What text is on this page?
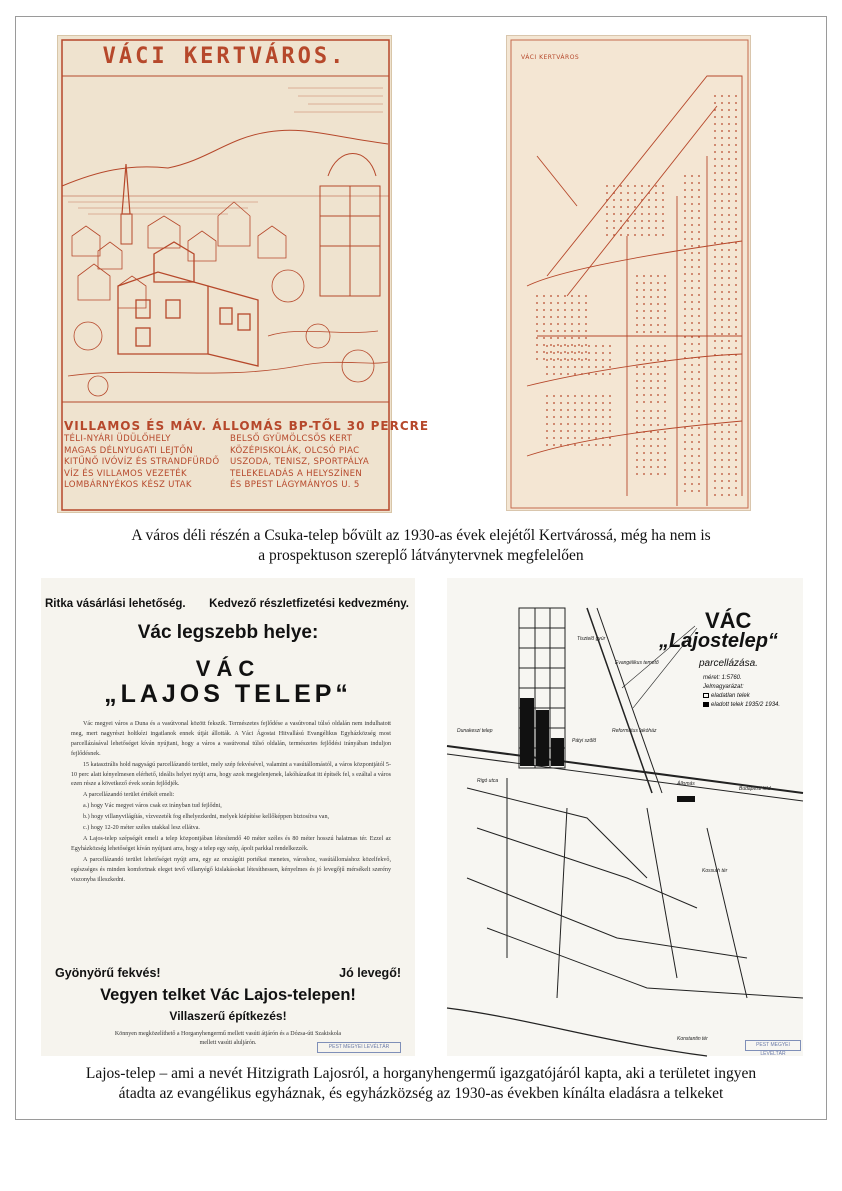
VÁCI KERTVÁROS.
VILLAMOS ÉS MÁV. ÁLLOMÁS BP-TŐL 30 PERCRE
TÉLI-NYÁRI ÜDÜLŐHELY
MAGAS DÉLNYUGATI LEJTŐN
KITŰNŐ IVÓVÍZ ÉS STRANDFÜRDŐ
VÍZ ÉS VILLAMOS VEZETÉK
LOMBÁRNYÉKOS KÉSZ UTAK
BELSŐ GYÜMÖLCSÖS KERT
KÖZÉPISKOLÁK, OLCSÓ PIAC
USZODA, TENISZ, SPORTPÁLYA
TELEKELADÁS A HELYSZÍNEN
ÉS BPEST LÁGYMÁNYOS U. 5
VÁCI KERTVÁROS
A város déli részén a Csuka-telep bővült az 1930-as évek elejétől Kertvárossá, még ha nem is
a prospektuson szereplő látványtervnek megfelelően
Ritka vásárlási lehetőség. Kedvező részletfizetési kedvezmény.
Vác legszebb helye:
VÁC
„LAJOS TELEP“

Vác megyei város a Duna és a vasútvonal között fekszik. Természetes fejlődése a vasútvonal túlsó oldalán nem indulhatott meg, mert nagyrészt holtkézi ingatlanok ennek útját állották. A Váci Ágostai Hitvallású Evangélikus Egyházközség most parcellázásával lehetőséget kíván nyújtani, hogy a város a vasútvonal túlsó oldalán, természetes fejlődési irányában induljon fejlődésnek.

15 katasztrális hold nagyságú parcellázandó terület, mely szép fekvésével, valamint a vasútállomástól, a város központjától 5-10 perc alatt kényelmesen elérhető, ideális helyet nyújt arra, hogy azok megjelenjenek, lakóházaikat itt építsék fel, s ezáltal a város ezen része a következő évek során fejlődjék.

A parcellázandó terület értékét emeli:

a.) hogy Vác megyei város csak ez irányban tud fejlődni,

b.) hogy villanyvilágítás, vízvezeték fog elhelyezkedni, melyek kiépítése kellőképpen biztosítva van,

c.) hogy 12-20 méter széles utakkal lesz ellátva.

A Lajos-telep szépségét emeli a telep központjában létesítendő 40 méter széles és 80 méter hosszú halatmas tér. Ezzel az Egyházközség lehetőséget kíván nyújtani arra, hogy a telep egy szép, ápolt parkkal rendelkezzék.

A parcellázandó terület lehetőséget nyújt arra, egy az országúti portékai menetes, városhoz, vasútállomáshoz közelfekvő, egészséges és minden komfortnak eleget tevő villanyégő kislakásokat létesíthessen, kényelmes és jó levegőjű mérsékelt szerény viszonyba illeszkedni.

Gyönyörű fekvés!	Jó levegő!
Vegyen telket Vác Lajos-telepen!
Villaszerű építkezés!
Könnyen megközelíthető a Horganyhengermű mellett vasúti átjárón és a Dózsa-úti Szakiskola
mellett vasúti aluljárón.
PEST MEGYEI LEVÉLTÁR
VÁC
„Lajostelep“
parcellázása.
méret: 1:5760.
Jelmagyarázat:
eladatlan telek
eladott telek 1935/2 1934.
Tisztelő gyúr
Evangélikus temető
Dunakeszi telep
Pátyi szőlő
Református lakóház
Rigó utca
Budapesti föld
Állomás
Kossuth tér
Konstantin tér
PEST MEGYEI LEVÉLTÁR
Lajos-telep – ami a nevét Hitzigrath Lajosról, a horganyhengermű igazgatójáról kapta, aki a területet ingyen
átadta az evangélikus egyháznak, és egyházközség az 1930-as években kínálta eladásra a telkeket
